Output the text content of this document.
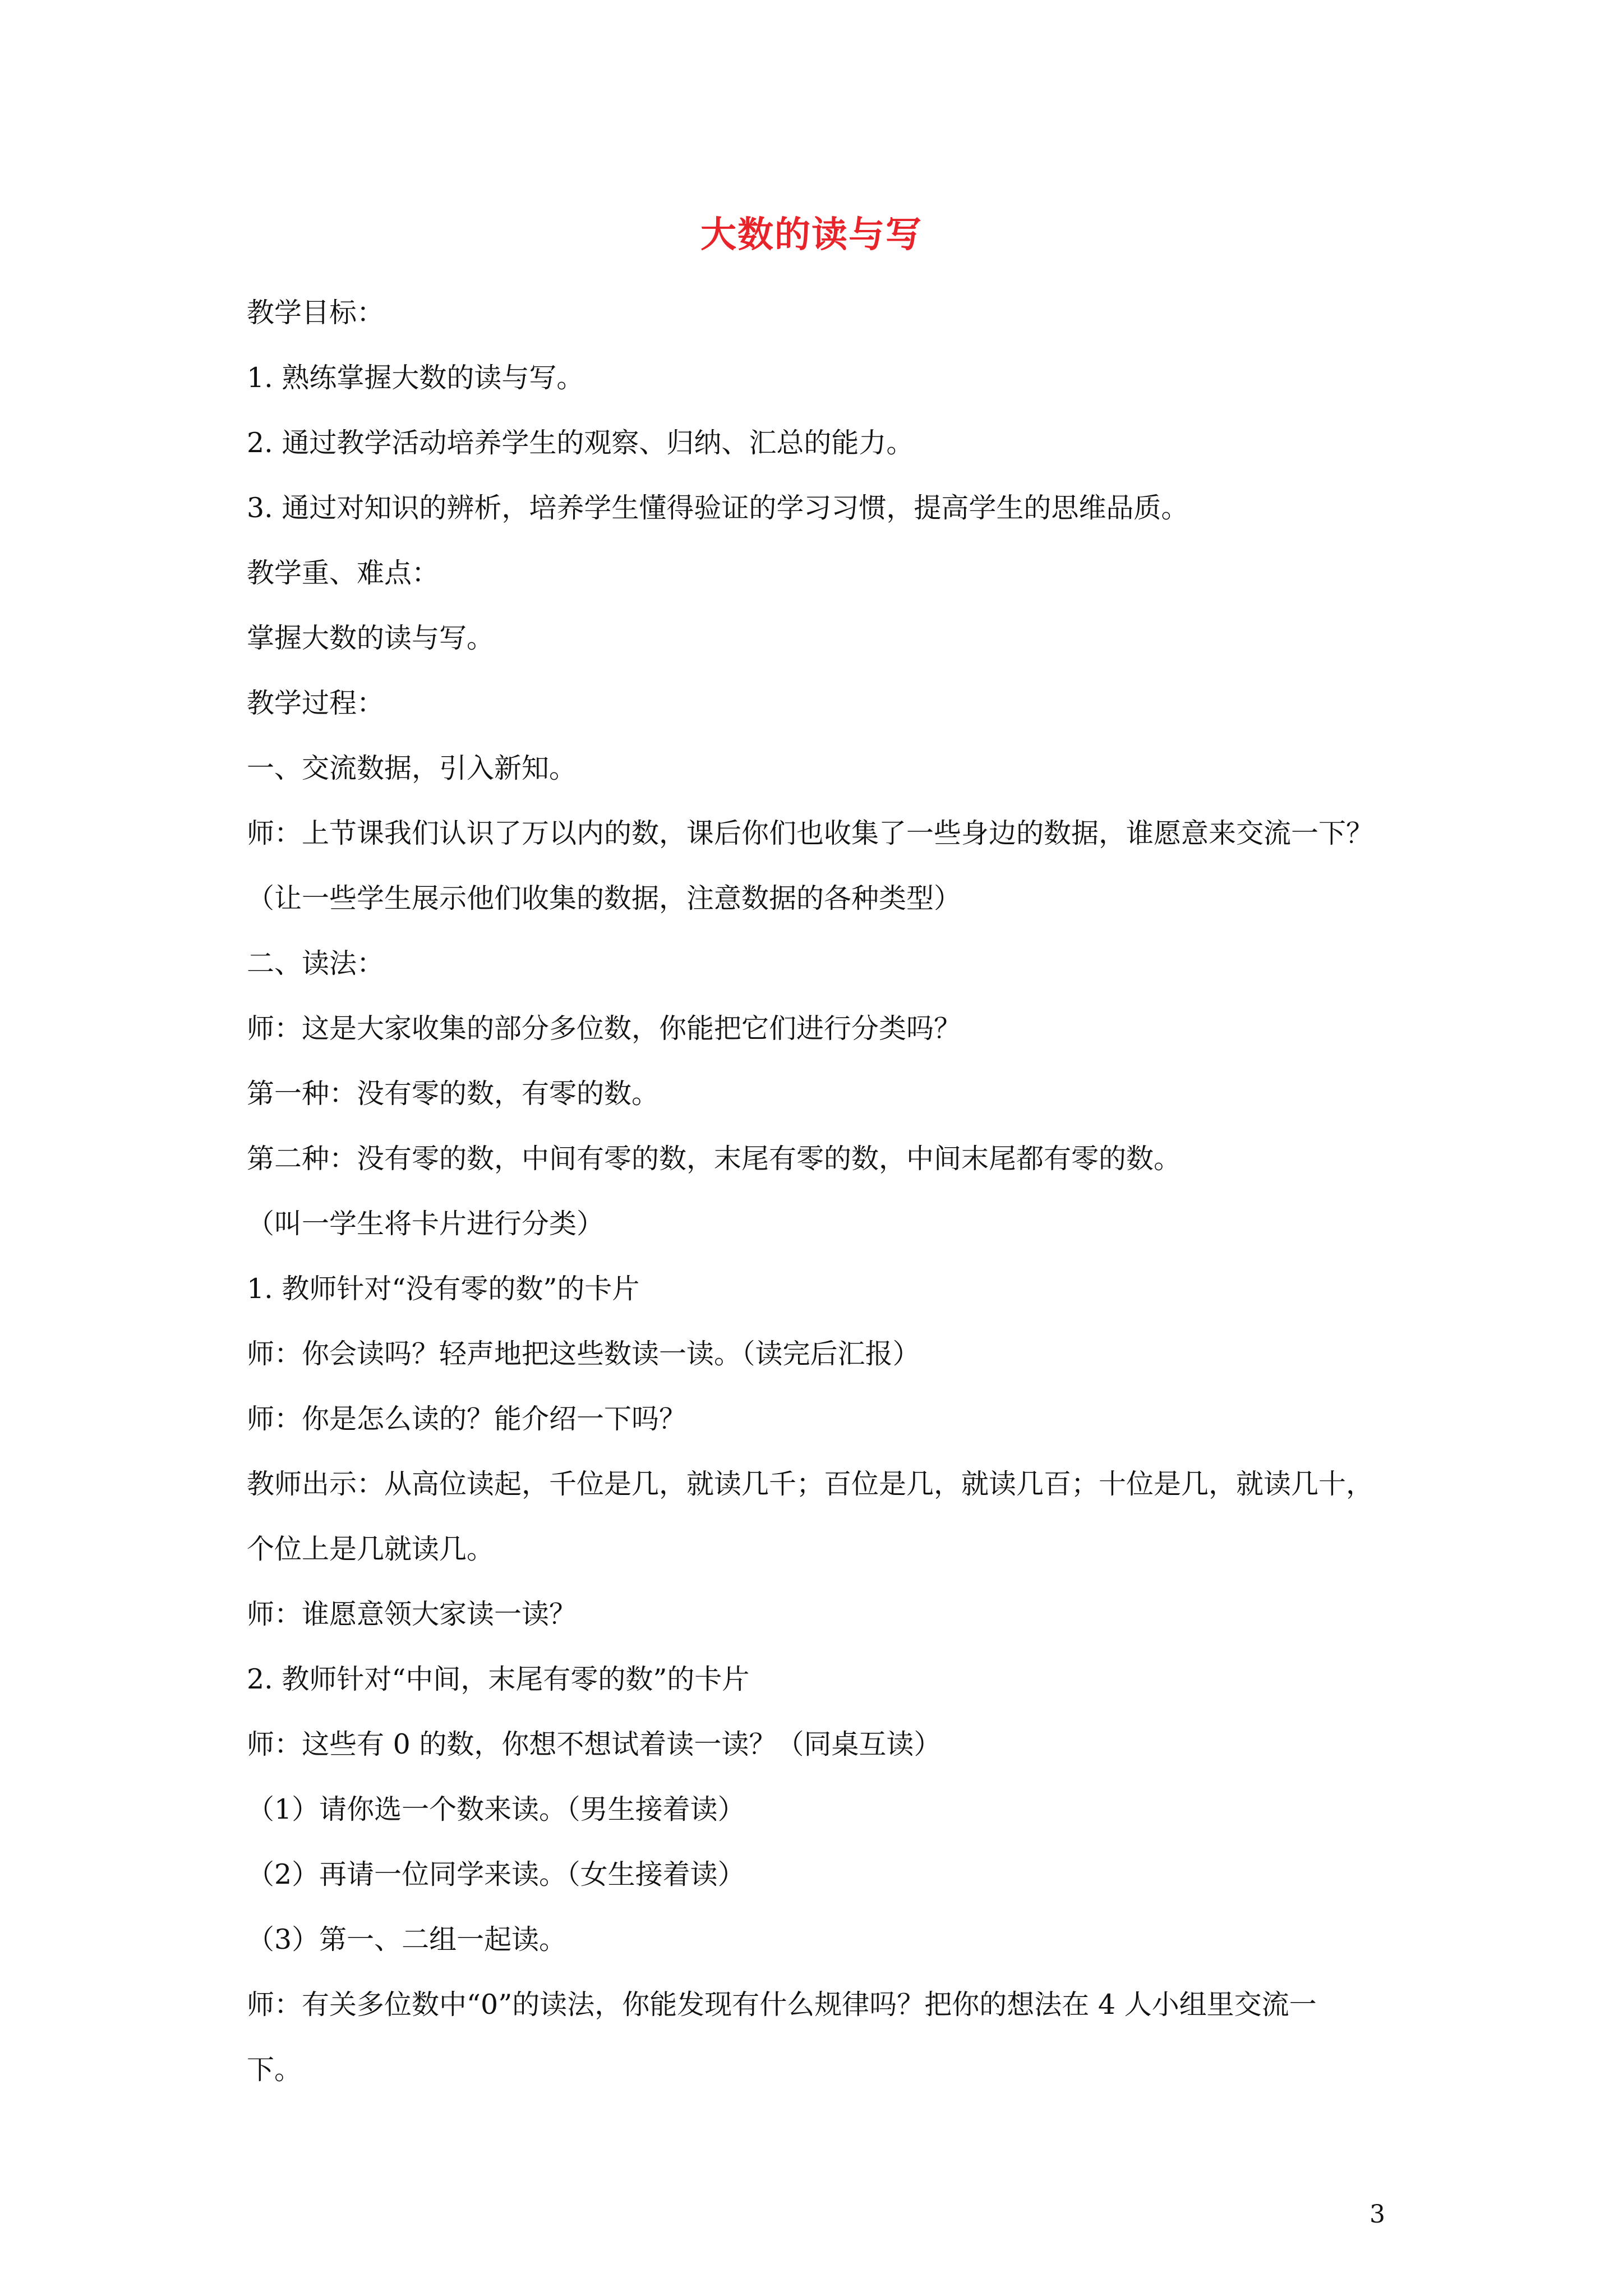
大数的读与写

教学目标：

1. 熟练掌握大数的读与写。

2. 通过教学活动培养学生的观察、归纳、汇总的能力。

3. 通过对知识的辨析，培养学生懂得验证的学习习惯，提高学生的思维品质。

教学重、难点：

掌握大数的读与写。

教学过程：

一、交流数据，引入新知。

师：上节课我们认识了万以内的数，课后你们也收集了一些身边的数据，谁愿意来交流一下？

（让一些学生展示他们收集的数据，注意数据的各种类型）

二、读法：

师：这是大家收集的部分多位数，你能把它们进行分类吗？

第一种：没有零的数，有零的数。

第二种：没有零的数，中间有零的数，末尾有零的数，中间末尾都有零的数。

（叫一学生将卡片进行分类）

1. 教师针对“没有零的数”的卡片

师：你会读吗？轻声地把这些数读一读。（读完后汇报）

师：你是怎么读的？能介绍一下吗？

教师出示：从高位读起，千位是几，就读几千；百位是几，就读几百；十位是几，就读几十，
个位上是几就读几。

师：谁愿意领大家读一读？

2. 教师针对“中间，末尾有零的数”的卡片

师：这些有 0 的数，你想不想试着读一读？（同桌互读）

（1）请你选一个数来读。（男生接着读）

（2）再请一位同学来读。（女生接着读）

（3）第一、二组一起读。

师：有关多位数中“0”的读法，你能发现有什么规律吗？把你的想法在 4 人小组里交流一
下。

3
